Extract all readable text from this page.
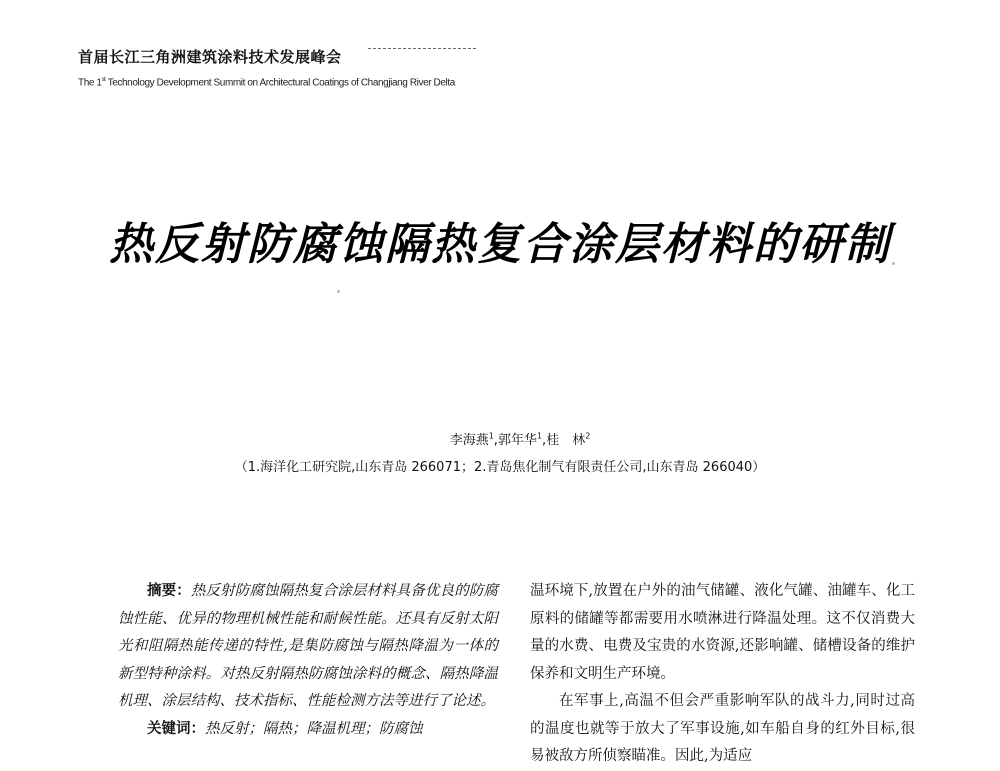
首届长江三角洲建筑涂料技术发展峰会
The 1st Technology Development Summit on Architectural Coatings of Changjiang River Delta
热反射防腐蚀隔热复合涂层材料的研制
李海燕$^1$,郭年华$^1$,桂　林$^2$
（1.海洋化工研究院,山东青岛 266071；2.青岛焦化制气有限责任公司,山东青岛 266040）

摘要：热反射防腐蚀隔热复合涂层材料具备优良的防腐蚀性能、优异的物理机械性能和耐候性能。还具有反射太阳光和阻隔热能传递的特性,是集防腐蚀与隔热降温为一体的新型特种涂料。对热反射隔热防腐蚀涂料的概念、隔热降温机理、涂层结构、技术指标、性能检测方法等进行了论述。

关键词：热反射；隔热；降温机理；防腐蚀

温环境下,放置在户外的油气储罐、液化气罐、油罐车、化工原料的储罐等都需要用水喷淋进行降温处理。这不仅消费大量的水费、电费及宝贵的水资源,还影响罐、储槽设备的维护保养和文明生产环境。

在军事上,高温不但会严重影响军队的战斗力,同时过高的温度也就等于放大了军事设施,如车船自身的红外目标,很易被敌方所侦察瞄准。因此,为适应
